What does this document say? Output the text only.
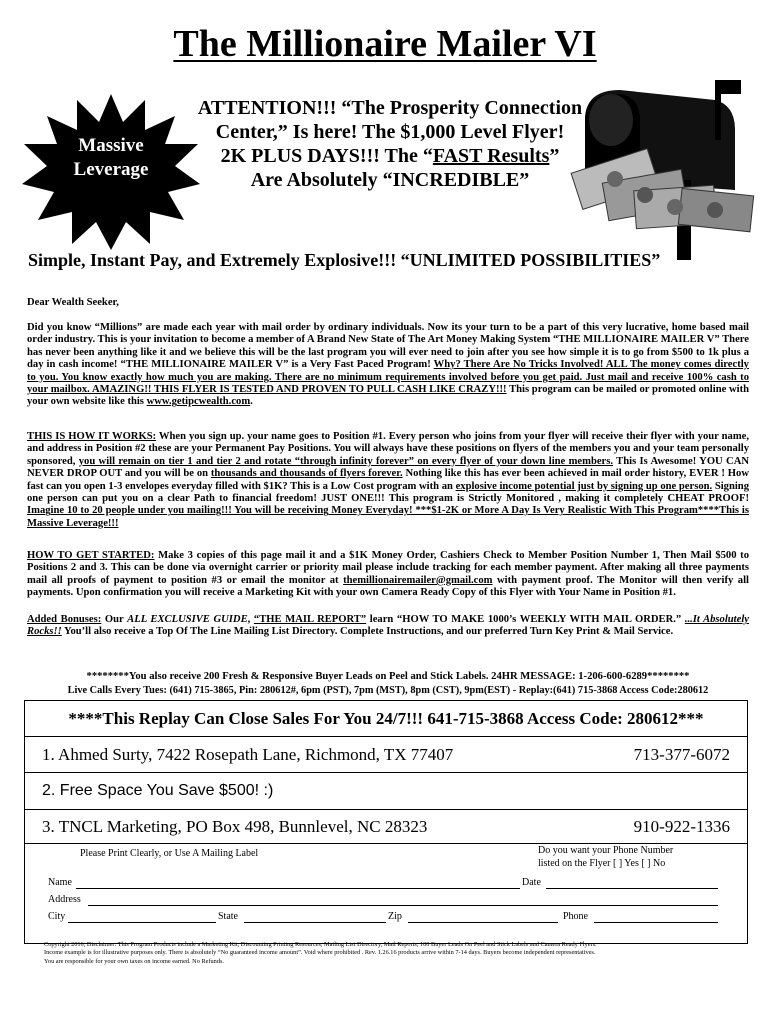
The Millionaire Mailer VI
Massive
Leverage
ATTENTION!!! “The Prosperity Connection
Center,” Is here! The $1,000 Level Flyer!
2K PLUS DAYS!!! The “FAST Results”
Are Absolutely “INCREDIBLE”
Simple, Instant Pay, and Extremely Explosive!!! “UNLIMITED POSSIBILITIES”
Dear Wealth Seeker,
Did you know “Millions” are made each year with mail order by ordinary individuals. Now its your turn to be a part of this very lucrative, home based mail order industry. This is your invitation to become a member of A Brand New State of The Art Money Making System “THE MILLIONAIRE MAILER V” There has never been anything like it and we believe this will be the last program you will ever need to join after you see how simple it is to go from $500 to 1k plus a day in cash income! “THE MILLIONAIRE MAILER V” is a Very Fast Paced Program! Why? There Are No Tricks Involved! ALL The money comes directly to you. You know exactly how much you are making. There are no minimum requirements involved before you get paid. Just mail and receive 100% cash to your mailbox. AMAZING!! THIS FLYER IS TESTED AND PROVEN TO PULL CASH LIKE CRAZY!!! This program can be mailed or promoted online with your own website like this www.getipcwealth.com.
THIS IS HOW IT WORKS: When you sign up. your name goes to Position #1. Every person who joins from your flyer will receive their flyer with your name, and address in Position #2 these are your Permanent Pay Positions. You will always have these positions on flyers of the members you and your team personally sponsored, you will remain on tier 1 and tier 2 and rotate “through infinity forever” on every flyer of your down line members. This Is Awesome! YOU CAN NEVER DROP OUT and you will be on thousands and thousands of flyers forever. Nothing like this has ever been achieved in mail order history, EVER ! How fast can you open 1-3 envelopes everyday filled with $1K? This is a Low Cost program with an explosive income potential just by signing up one person. Signing one person can put you on a clear Path to financial freedom! JUST ONE!!! This program is Strictly Monitored , making it completely CHEAT PROOF! Imagine 10 to 20 people under you mailing!!! You will be receiving Money Everyday! ***$1-2K or More A Day Is Very Realistic With This Program****This is Massive Leverage!!!
HOW TO GET STARTED: Make 3 copies of this page mail it and a $1K Money Order, Cashiers Check to Member Position Number 1, Then Mail $500 to Positions 2 and 3. This can be done via overnight carrier or priority mail please include tracking for each member payment. After making all three payments mail all proofs of payment to position #3 or email the monitor at themillionairemailer@gmail.com with payment proof. The Monitor will then verify all payments. Upon confirmation you will receive a Marketing Kit with your own Camera Ready Copy of this Flyer with Your Name in Position #1.
Added Bonuses: Our ALL EXCLUSIVE GUIDE, “THE MAIL REPORT” learn “HOW TO MAKE 1000’s WEEKLY WITH MAIL ORDER.” ...It Absolutely Rocks!! You’ll also receive a Top Of The Line Mailing List Directory. Complete Instructions, and our preferred Turn Key Print & Mail Service.
********You also receive 200 Fresh & Responsive Buyer Leads on Peel and Stick Labels. 24HR MESSAGE: 1-206-600-6289********
Live Calls Every Tues: (641) 715-3865, Pin: 280612#, 6pm (PST), 7pm (MST), 8pm (CST), 9pm(EST) - Replay:(641) 715-3868 Access Code:280612
****This Replay Can Close Sales For You 24/7!!! 641-715-3868 Access Code: 280612***
1. Ahmed Surty, 7422 Rosepath Lane, Richmond, TX 77407	713-377-6072
2. Free Space You Save $500! :)
3. TNCL Marketing, PO Box 498, Bunnlevel, NC 28323	910-922-1336
Please Print Clearly, or Use A Mailing Label	Do you want your Phone Number
listed on the Flyer [ ] Yes [ ] No
Name	Date
Address
City	State	Zip	Phone
Copyright 2016, Disclaimer: This Program Products include a Marketing Kit, Discounting Printing Resources, Mailing List Directory, Mail Reports, 100 Buyer Leads On Peel and Stick Labels and Camera Ready Flyers.
Income example is for illustrative purposes only. There is absolutely “No guaranteed income amount”. Void where prohibited . Rev. 1.26.16 products arrive within 7-14 days. Buyers become independent representatives.
You are responsible for your own taxes on income earned. No Refunds.
